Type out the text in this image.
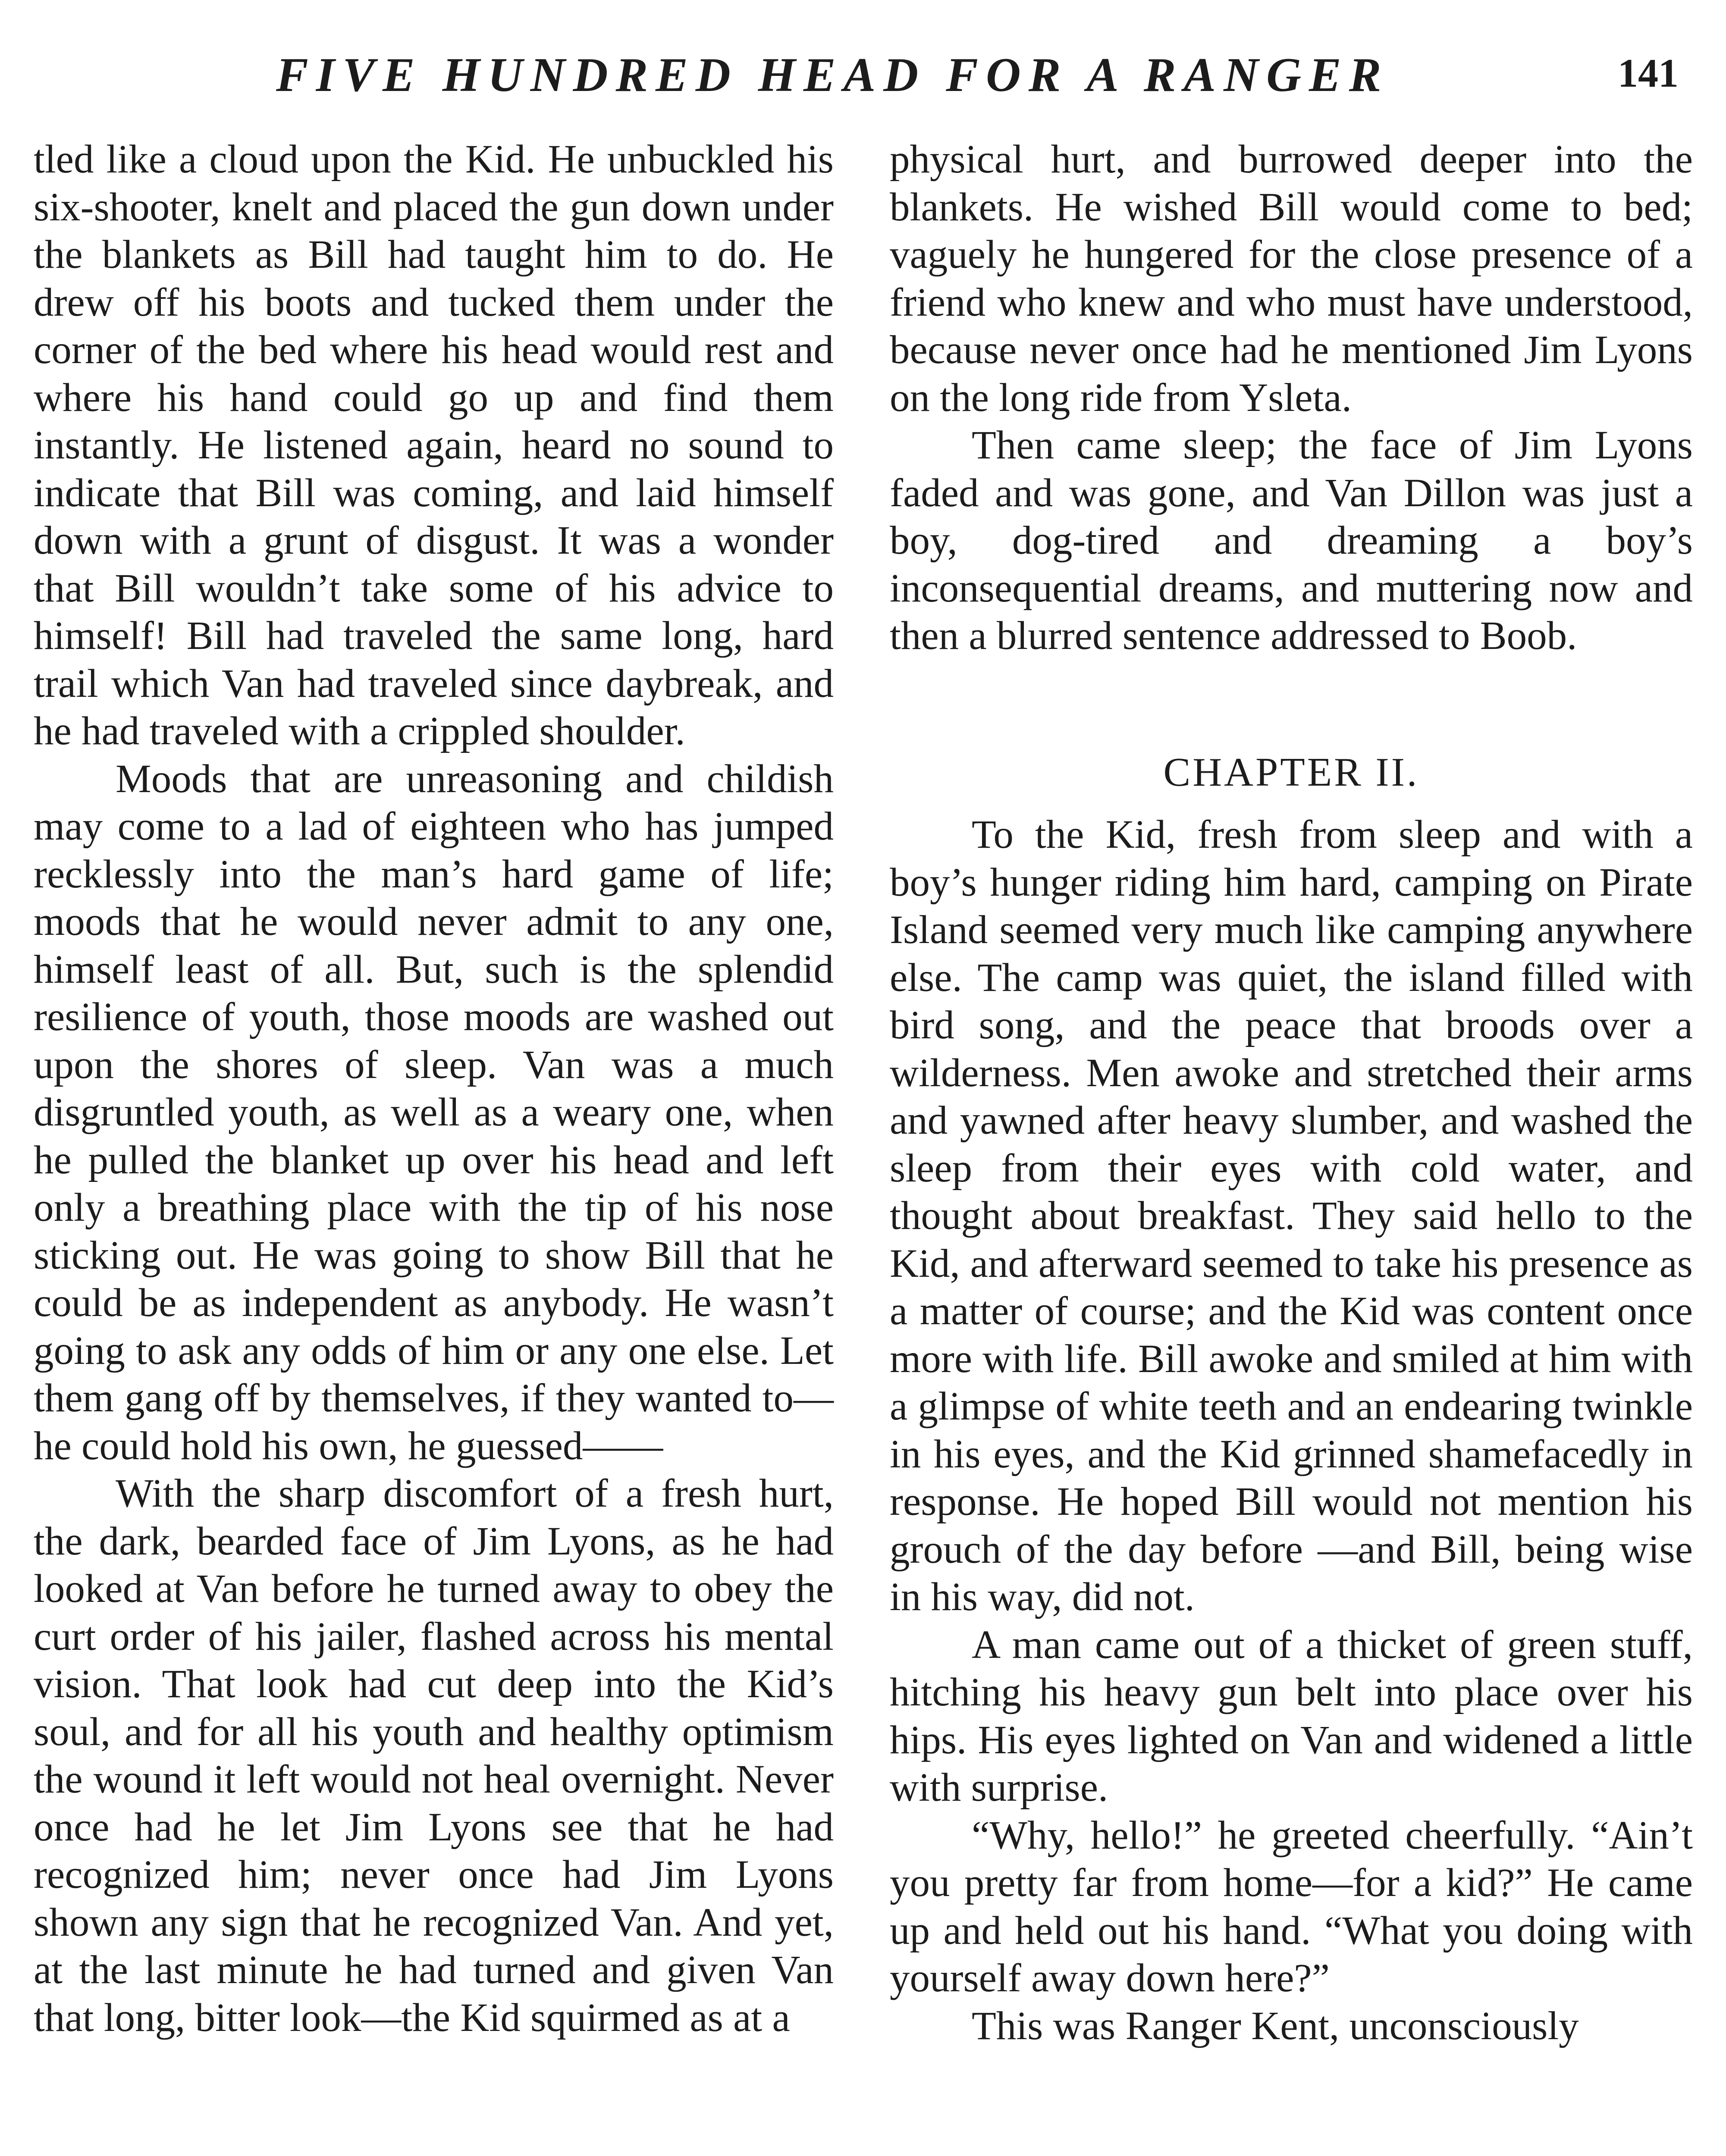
FIVE HUNDRED HEAD FOR A RANGER	141

tled like a cloud upon the Kid. He unbuckled his six-shooter, knelt and placed the gun down under the blankets as Bill had taught him to do. He drew off his boots and tucked them under the corner of the bed where his head would rest and where his hand could go up and find them instantly. He listened again, heard no sound to indicate that Bill was coming, and laid himself down with a grunt of disgust. It was a wonder that Bill wouldn’t take some of his advice to himself! Bill had traveled the same long, hard trail which Van had traveled since daybreak, and he had traveled with a crippled shoulder.

Moods that are unreasoning and childish may come to a lad of eighteen who has jumped recklessly into the man’s hard game of life; moods that he would never admit to any one, himself least of all. But, such is the splendid resilience of youth, those moods are washed out upon the shores of sleep. Van was a much disgruntled youth, as well as a weary one, when he pulled the blanket up over his head and left only a breathing place with the tip of his nose sticking out. He was going to show Bill that he could be as independent as anybody. He wasn’t going to ask any odds of him or any one else. Let them gang off by themselves, if they wanted to—he could hold his own, he guessed——

With the sharp discomfort of a fresh hurt, the dark, bearded face of Jim Lyons, as he had looked at Van before he turned away to obey the curt order of his jailer, flashed across his mental vision. That look had cut deep into the Kid’s soul, and for all his youth and healthy optimism the wound it left would not heal overnight. Never once had he let Jim Lyons see that he had recognized him; never once had Jim Lyons shown any sign that he recognized Van. And yet, at the last minute he had turned and given Van that long, bitter look—the Kid squirmed as at a

physical hurt, and burrowed deeper into the blankets. He wished Bill would come to bed; vaguely he hungered for the close presence of a friend who knew and who must have understood, because never once had he mentioned Jim Lyons on the long ride from Ysleta.

Then came sleep; the face of Jim Lyons faded and was gone, and Van Dillon was just a boy, dog-tired and dreaming a boy’s inconsequential dreams, and muttering now and then a blurred sentence addressed to Boob.

CHAPTER II.

To the Kid, fresh from sleep and with a boy’s hunger riding him hard, camping on Pirate Island seemed very much like camping anywhere else. The camp was quiet, the island filled with bird song, and the peace that broods over a wilderness. Men awoke and stretched their arms and yawned after heavy slumber, and washed the sleep from their eyes with cold water, and thought about breakfast. They said hello to the Kid, and afterward seemed to take his presence as a matter of course; and the Kid was content once more with life. Bill awoke and smiled at him with a glimpse of white teeth and an endearing twinkle in his eyes, and the Kid grinned shamefacedly in response. He hoped Bill would not mention his grouch of the day before —and Bill, being wise in his way, did not.

A man came out of a thicket of green stuff, hitching his heavy gun belt into place over his hips. His eyes lighted on Van and widened a little with surprise.

“Why, hello!” he greeted cheerfully. “Ain’t you pretty far from home—for a kid?” He came up and held out his hand. “What you doing with yourself away down here?”

This was Ranger Kent, unconsciously
